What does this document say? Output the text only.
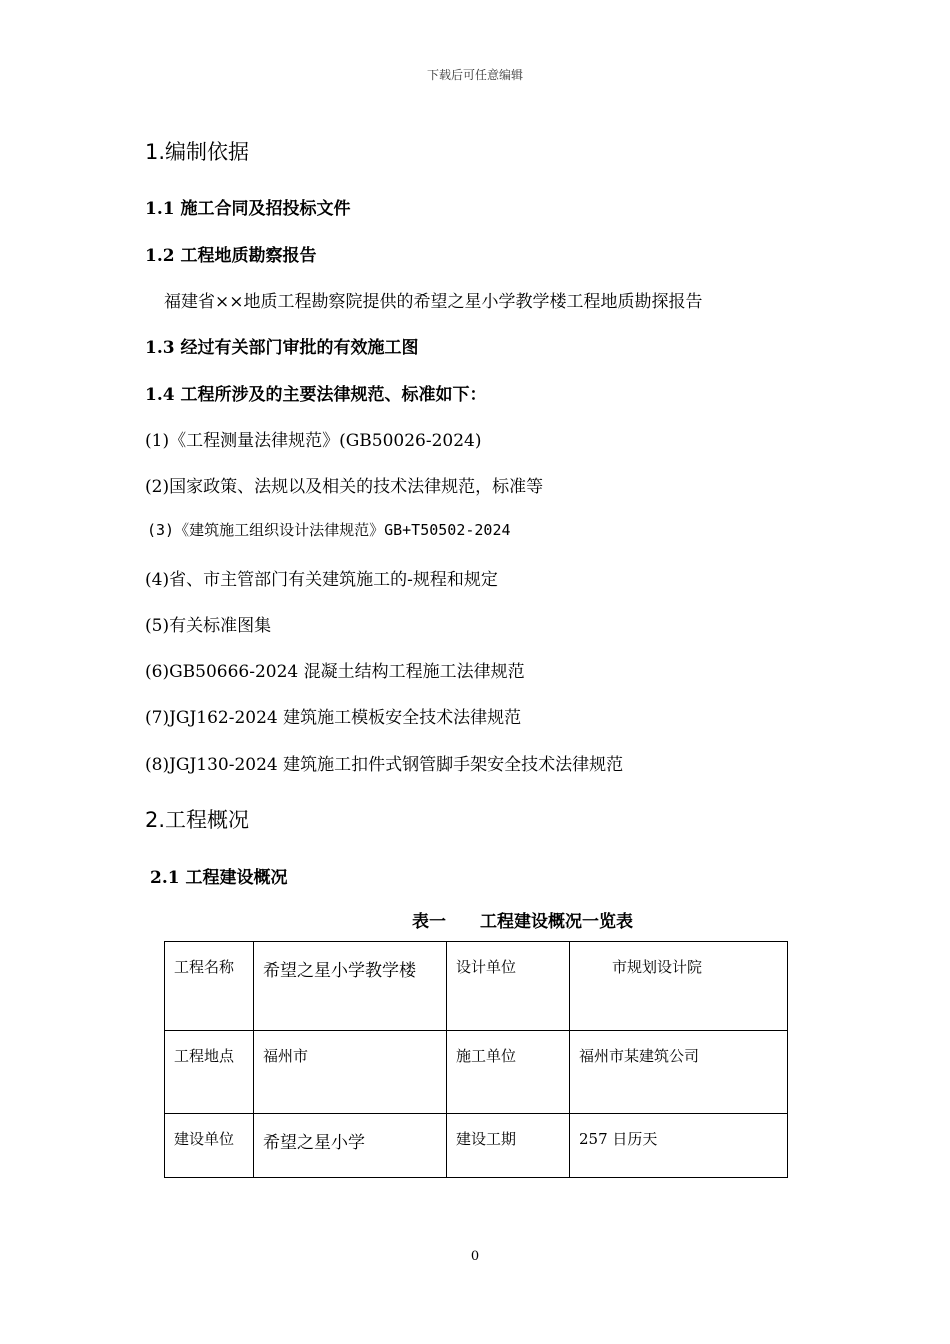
下载后可任意编辑
1.编制依据
1.1 施工合同及招投标文件
1.2 工程地质勘察报告
福建省××地质工程勘察院提供的希望之星小学教学楼工程地质勘探报告
1.3 经过有关部门审批的有效施工图
1.4 工程所涉及的主要法律规范、标准如下：
(1)《工程测量法律规范》(GB50026-2024)
(2)国家政策、法规以及相关的技术法律规范，标准等
(3)《建筑施工组织设计法律规范》GB+T50502-2024
(4)省、市主管部门有关建筑施工的-规程和规定
(5)有关标准图集
(6)GB50666-2024 混凝土结构工程施工法律规范
(7)JGJ162-2024 建筑施工模板安全技术法律规范
(8)JGJ130-2024 建筑施工扣件式钢管脚手架安全技术法律规范
2.工程概况
2.1 工程建设概况
表一　　工程建设概况一览表
工程名称	希望之星小学教学楼	设计单位	市规划设计院
工程地点	福州市	施工单位	福州市某建筑公司
建设单位	希望之星小学	建设工期	257 日历天
0
